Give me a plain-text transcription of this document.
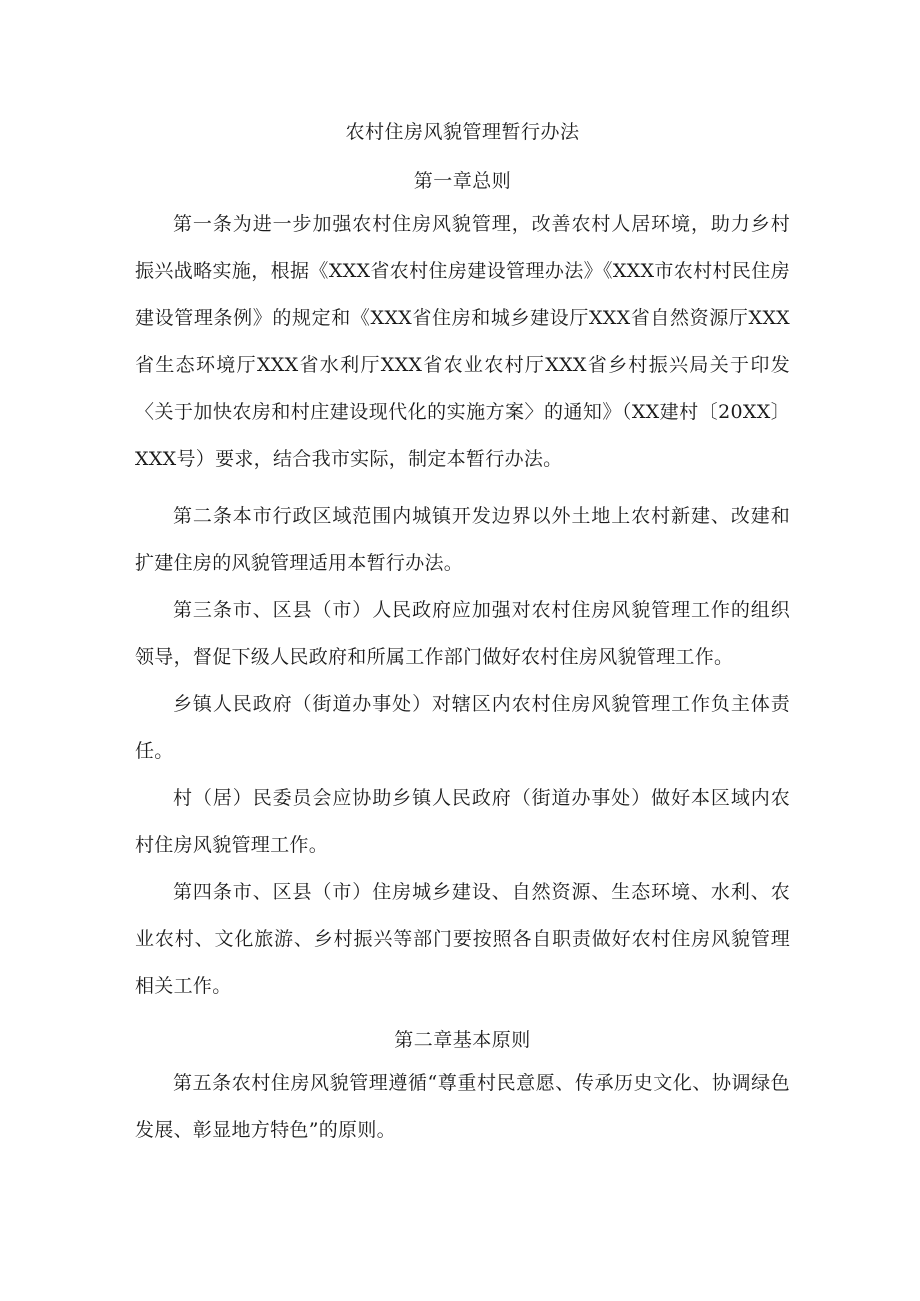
农村住房风貌管理暂行办法
第一章总则

第一条为进一步加强农村住房风貌管理，改善农村人居环境，助力乡村振兴战略实施，根据《XXX省农村住房建设管理办法》《XXX市农村村民住房建设管理条例》的规定和《XXX省住房和城乡建设厅XXX省自然资源厅XXX省生态环境厅XXX省水利厅XXX省农业农村厅XXX省乡村振兴局关于印发〈关于加快农房和村庄建设现代化的实施方案〉的通知》（XX建村〔20XX〕XXX号）要求，结合我市实际，制定本暂行办法。

第二条本市行政区域范围内城镇开发边界以外土地上农村新建、改建和扩建住房的风貌管理适用本暂行办法。

第三条市、区县（市）人民政府应加强对农村住房风貌管理工作的组织领导，督促下级人民政府和所属工作部门做好农村住房风貌管理工作。

乡镇人民政府（街道办事处）对辖区内农村住房风貌管理工作负主体责任。

村（居）民委员会应协助乡镇人民政府（街道办事处）做好本区域内农村住房风貌管理工作。

第四条市、区县（市）住房城乡建设、自然资源、生态环境、水利、农业农村、文化旅游、乡村振兴等部门要按照各自职责做好农村住房风貌管理相关工作。

第二章基本原则

第五条农村住房风貌管理遵循“尊重村民意愿、传承历史文化、协调绿色发展、彰显地方特色”的原则。
